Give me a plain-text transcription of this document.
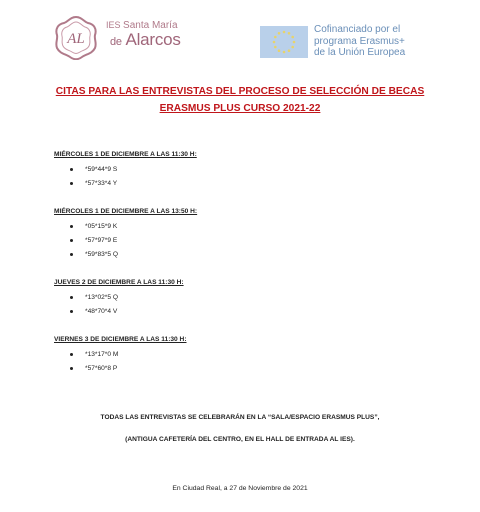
AL
IES Santa María
de Alarcos
Cofinanciado por el
programa Erasmus+
de la Unión Europea
CITAS PARA LAS ENTREVISTAS DEL PROCESO DE SELECCIÓN DE BECAS
ERASMUS PLUS CURSO 2021-22
MIÉRCOLES 1 DE DICIEMBRE A LAS 11:30 H:
*59*44*9 S
*57*33*4 Y
MIÉRCOLES 1 DE DICIEMBRE A LAS 13:50 H:
*05*15*9 K
*57*97*9 E
*59*83*5 Q
JUEVES 2 DE DICIEMBRE A LAS 11:30 H:
*13*02*5 Q
*48*70*4 V
VIERNES 3 DE DICIEMBRE A LAS 11:30 H:
*13*17*0 M
*57*60*8 P
TODAS LAS ENTREVISTAS SE CELEBRARÁN EN LA “SALA/ESPACIO ERASMUS PLUS”,
(ANTIGUA CAFETERÍA DEL CENTRO, EN EL HALL DE ENTRADA AL IES).
En Ciudad Real, a 27 de Noviembre de 2021
